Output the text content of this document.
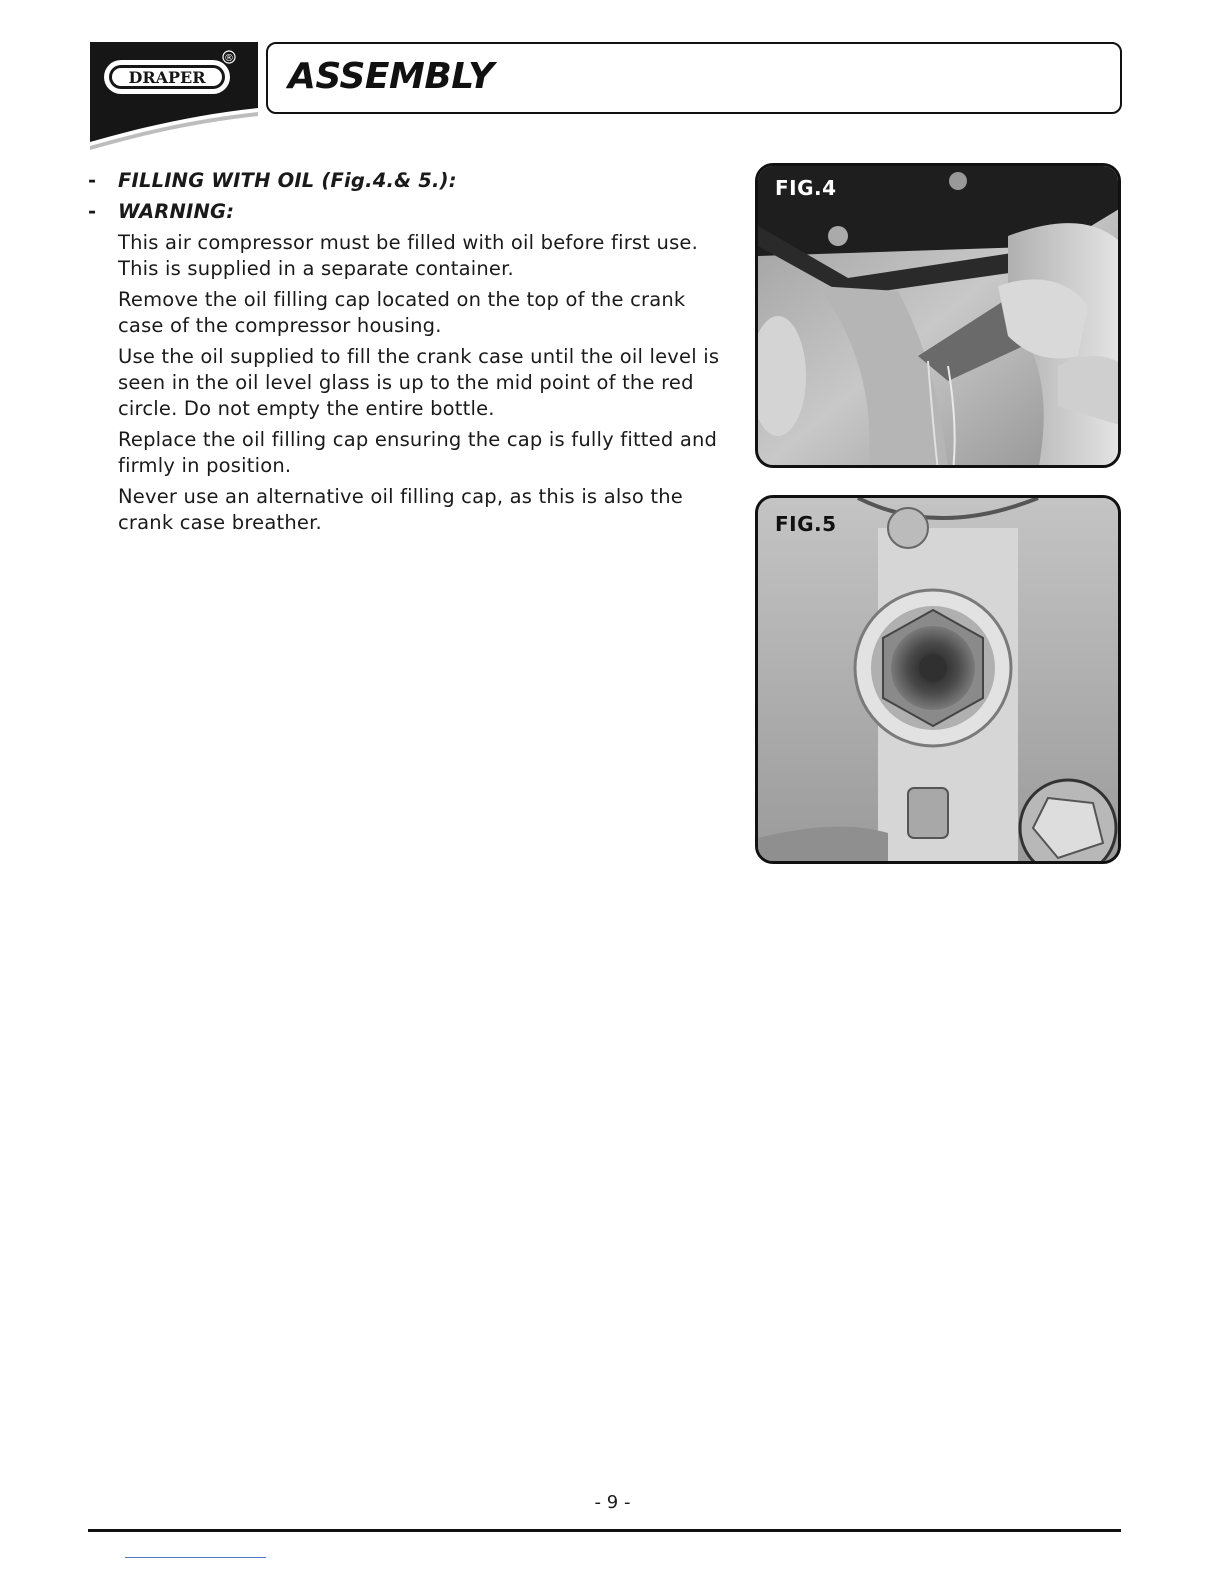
DRAPER
® ASSEMBLY
- FILLING WITH OIL (Fig.4.& 5.):
- WARNING:

This air compressor must be filled with oil before first use. This is supplied in a separate container.

Remove the oil filling cap located on the top of the crank case of the compressor housing.

Use the oil supplied to fill the crank case until the oil level is seen in the oil level glass is up to the mid point of the red circle. Do not empty the entire bottle.

Replace the oil filling cap ensuring the cap is fully fitted and firmly in position.

Never use an alternative oil filling cap, as this is also the crank case breather.

FIG.4
FIG.5
- 9 -
